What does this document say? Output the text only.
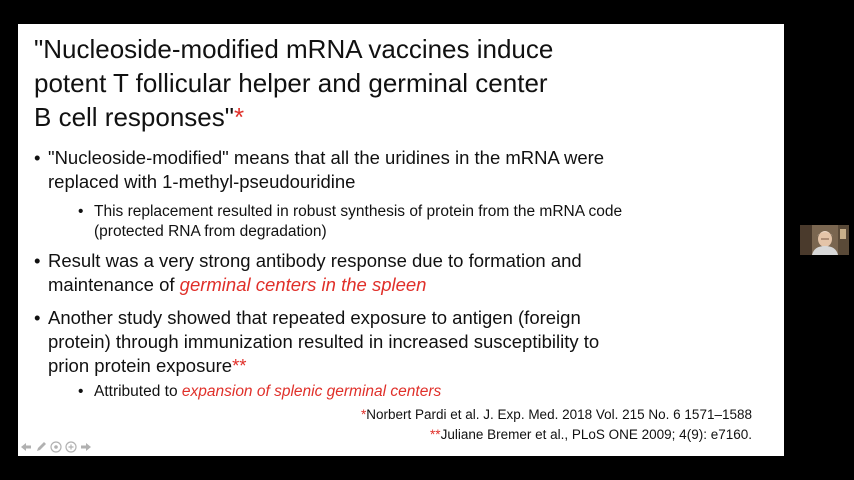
"Nucleoside-modified mRNA vaccines induce
potent T follicular helper and germinal center
B cell responses"*
• "Nucleoside-modified" means that all the uridines in the mRNA were
replaced with 1-methyl-pseudouridine
• This replacement resulted in robust synthesis of protein from the mRNA code
(protected RNA from degradation)
• Result was a very strong antibody response due to formation and
maintenance of germinal centers in the spleen
• Another study showed that repeated exposure to antigen (foreign
protein) through immunization resulted in increased susceptibility to
prion protein exposure**
• Attributed to expansion of splenic germinal centers
*Norbert Pardi et al. J. Exp. Med. 2018 Vol. 215 No. 6 1571–1588
**Juliane Bremer et al., PLoS ONE 2009; 4(9): e7160.
